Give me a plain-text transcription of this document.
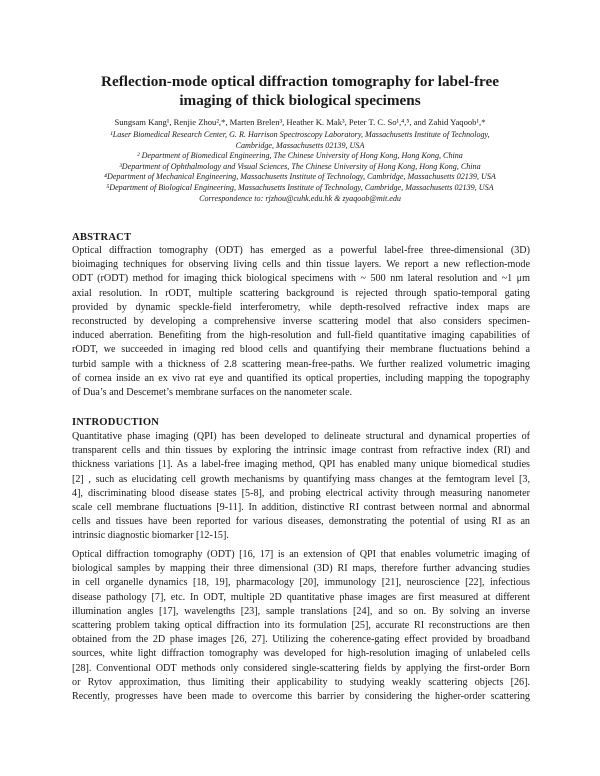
Reflection-mode optical diffraction tomography for label-free
imaging of thick biological specimens
Sungsam Kang¹, Renjie Zhou²,*, Marten Brelen³, Heather K. Mak³, Peter T. C. So¹,⁴,⁵, and Zahid Yaqoob¹,*
¹Laser Biomedical Research Center, G. R. Harrison Spectroscopy Laboratory, Massachusetts Institute of Technology,
Cambridge, Massachusetts 02139, USA
² Department of Biomedical Engineering, The Chinese University of Hong Kong, Hong Kong, China
³Department of Ophthalmology and Visual Sciences, The Chinese University of Hong Kong, Hong Kong, China
⁴Department of Mechanical Engineering, Massachusetts Institute of Technology, Cambridge, Massachusetts 02139, USA
⁵Department of Biological Engineering, Massachusetts Institute of Technology, Cambridge, Massachusetts 02139, USA
Correspondence to: rjzhou@cuhk.edu.hk & zyaqoob@mit.edu
ABSTRACT
Optical diffraction tomography (ODT) has emerged as a powerful label-free three-dimensional (3D)
bioimaging techniques for observing living cells and thin tissue layers. We report a new reflection-mode
ODT (rODT) method for imaging thick biological specimens with ~ 500 nm lateral resolution and ~1 μm
axial resolution. In rODT, multiple scattering background is rejected through spatio-temporal gating
provided by dynamic speckle-field interferometry, while depth-resolved refractive index maps are
reconstructed by developing a comprehensive inverse scattering model that also considers specimen-
induced aberration. Benefiting from the high-resolution and full-field quantitative imaging capabilities of
rODT, we succeeded in imaging red blood cells and quantifying their membrane fluctuations behind a
turbid sample with a thickness of 2.8 scattering mean-free-paths. We further realized volumetric imaging
of cornea inside an ex vivo rat eye and quantified its optical properties, including mapping the topography
of Dua’s and Descemet’s membrane surfaces on the nanometer scale.
INTRODUCTION
Quantitative phase imaging (QPI) has been developed to delineate structural and dynamical properties of
transparent cells and thin tissues by exploring the intrinsic image contrast from refractive index (RI) and
thickness variations [1]. As a label-free imaging method, QPI has enabled many unique biomedical studies
[2] , such as elucidating cell growth mechanisms by quantifying mass changes at the femtogram level [3,
4], discriminating blood disease states [5-8], and probing electrical activity through measuring nanometer
scale cell membrane fluctuations [9-11]. In addition, distinctive RI contrast between normal and abnormal
cells and tissues have been reported for various diseases, demonstrating the potential of using RI as an
intrinsic diagnostic biomarker [12-15].
Optical diffraction tomography (ODT) [16, 17] is an extension of QPI that enables volumetric imaging of
biological samples by mapping their three dimensional (3D) RI maps, therefore further advancing studies
in cell organelle dynamics [18, 19], pharmacology [20], immunology [21], neuroscience [22], infectious
disease pathology [7], etc. In ODT, multiple 2D quantitative phase images are first measured at different
illumination angles [17], wavelengths [23], sample translations [24], and so on. By solving an inverse
scattering problem taking optical diffraction into its formulation [25], accurate RI reconstructions are then
obtained from the 2D phase images [26, 27]. Utilizing the coherence-gating effect provided by broadband
sources, white light diffraction tomography was developed for high-resolution imaging of unlabeled cells
[28]. Conventional ODT methods only considered single-scattering fields by applying the first-order Born
or Rytov approximation, thus limiting their applicability to studying weakly scattering objects [26].
Recently, progresses have been made to overcome this barrier by considering the higher-order scattering
